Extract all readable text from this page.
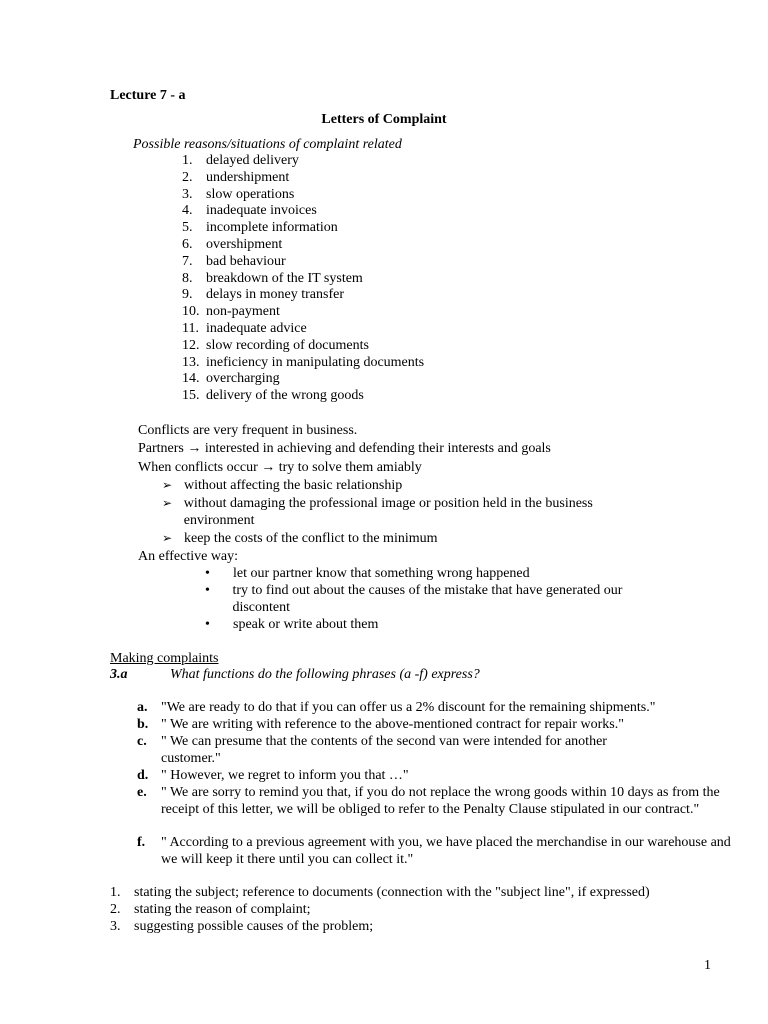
Lecture 7 - a
Letters of Complaint
Possible reasons/situations of complaint related
1. delayed delivery
2. undershipment
3. slow operations
4. inadequate invoices
5. incomplete information
6. overshipment
7. bad behaviour
8. breakdown of the IT system
9. delays in money transfer
10. non-payment
11. inadequate advice
12. slow recording of documents
13. ineficiency in manipulating documents
14. overcharging
15. delivery of the wrong goods
Conflicts are very frequent in business.
Partners → interested in achieving and defending their interests and goals
When conflicts occur → try to solve them amiably
➢ without affecting the basic relationship
➢ without damaging the professional image or position held in the business environment
➢ keep the costs of the conflict to the minimum
An effective way:
•	let our partner know that something wrong happened
•	try to find out about the causes of the mistake that have generated our discontent
•	speak or write about them
Making complaints
3.a	What functions do the following phrases (a -f) express?
a. "We are ready to do that if you can offer us a 2% discount for the remaining shipments."
b. " We are writing with reference to the above-mentioned contract for repair works."
c.	" We can presume that the contents of the second van were intended for another customer."
d. " However, we regret to inform you that …"
e.	" We are sorry to remind you that, if you do not replace the wrong goods within 10 days as from the receipt of this letter, we will be obliged to refer to the Penalty Clause stipulated in our contract."
f.	" According to a previous agreement with you, we have placed the merchandise in our warehouse and we will keep it there until you can collect it."
1. stating the subject; reference to documents (connection with the "subject line", if expressed)
2. stating the reason of complaint;
3. suggesting possible causes of the problem;
1
